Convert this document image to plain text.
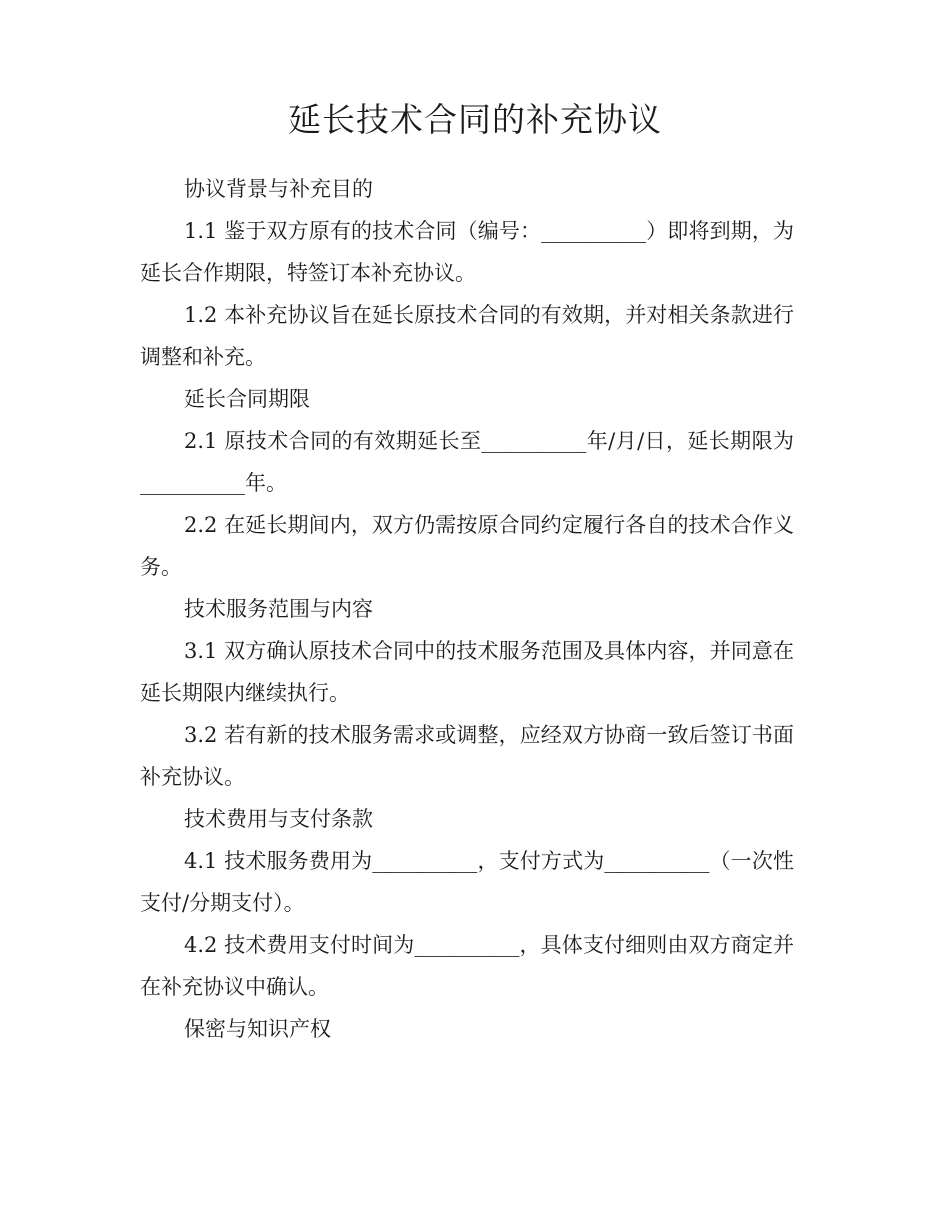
延长技术合同的补充协议

协议背景与补充目的

1.1 鉴于双方原有的技术合同（编号：__________）即将到期，为延长合作期限，特签订本补充协议。

1.2 本补充协议旨在延长原技术合同的有效期，并对相关条款进行调整和补充。

延长合同期限

2.1 原技术合同的有效期延长至__________年/月/日，延长期限为__________年。

2.2 在延长期间内，双方仍需按原合同约定履行各自的技术合作义务。

技术服务范围与内容

3.1 双方确认原技术合同中的技术服务范围及具体内容，并同意在延长期限内继续执行。

3.2 若有新的技术服务需求或调整，应经双方协商一致后签订书面补充协议。

技术费用与支付条款

4.1 技术服务费用为__________，支付方式为__________（一次性支付/分期支付）。

4.2 技术费用支付时间为__________，具体支付细则由双方商定并在补充协议中确认。

保密与知识产权
